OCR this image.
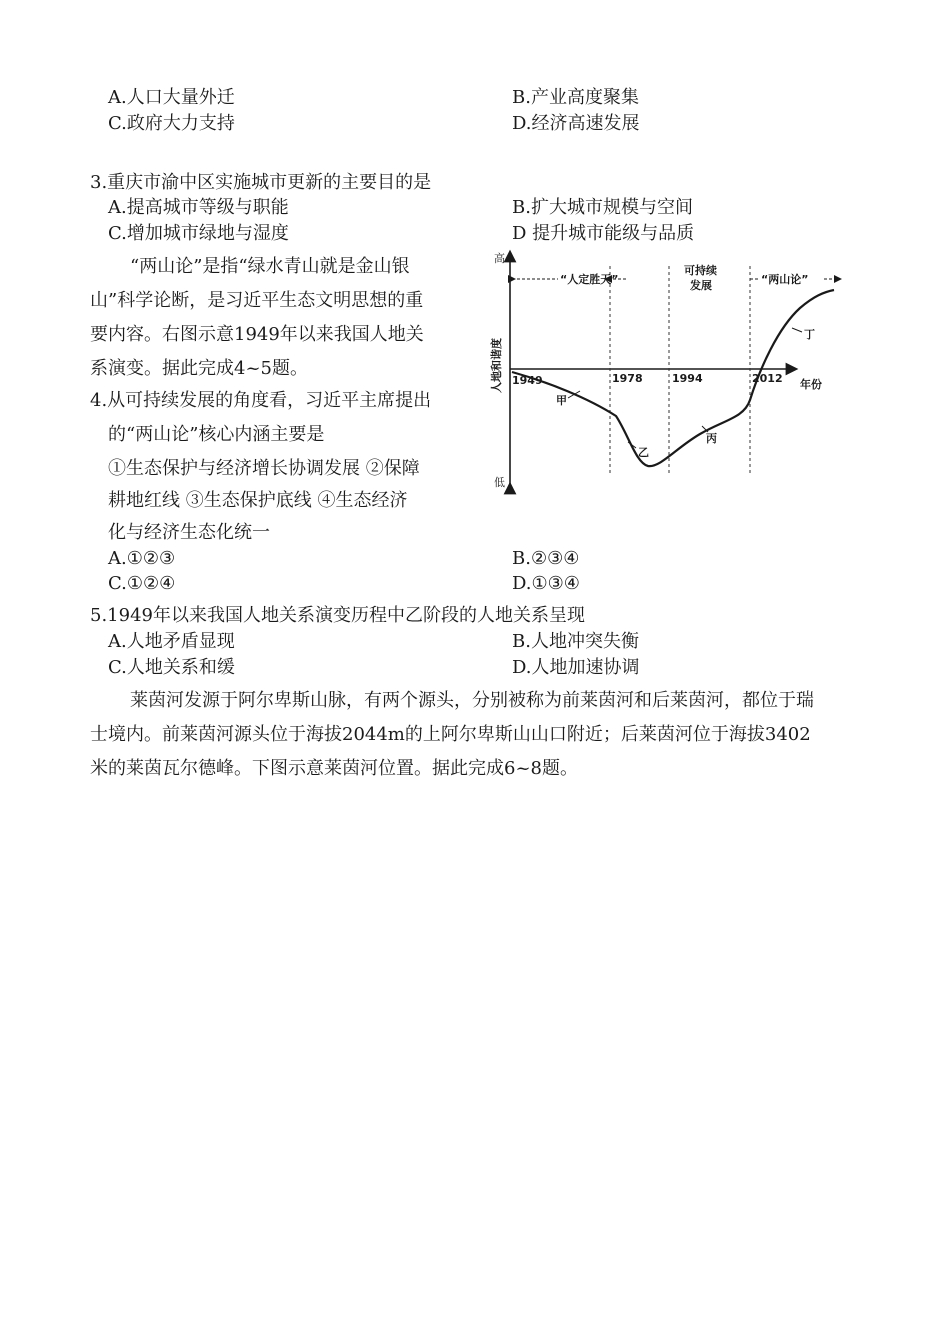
A.人口大量外迁	B.产业高度聚集
C.政府大力支持	D.经济高速发展
3.重庆市渝中区实施城市更新的主要目的是
A.提高城市等级与职能	B.扩大城市规模与空间
C.增加城市绿地与湿度	D 提升城市能级与品质
“两山论”是指“绿水青山就是金山银
山”科学论断，是习近平生态文明思想的重
要内容。右图示意1949年以来我国人地关
系演变。据此完成4~5题。
4.从可持续发展的角度看，习近平主席提出
的“两山论”核心内涵主要是
①生态保护与经济增长协调发展 ②保障
耕地红线 ③生态保护底线 ④生态经济
化与经济生态化统一
A.①②③	B.②③④
C.①②④	D.①③④
5.1949年以来我国人地关系演变历程中乙阶段的人地关系呈现
A.人地矛盾显现	B.人地冲突失衡
C.人地关系和缓	D.人地加速协调
莱茵河发源于阿尔卑斯山脉，有两个源头，分别被称为前莱茵河和后莱茵河，都位于瑞
士境内。前莱茵河源头位于海拔2044m的上阿尔卑斯山山口附近；后莱茵河位于海拔3402
米的莱茵瓦尔德峰。下图示意莱茵河位置。据此完成6~8题。
高
低
人地和谐度	年份
“人定胜天”
可持续
发展	“两山论”
1949	1978	1994	2012
甲
乙
丙
丁
